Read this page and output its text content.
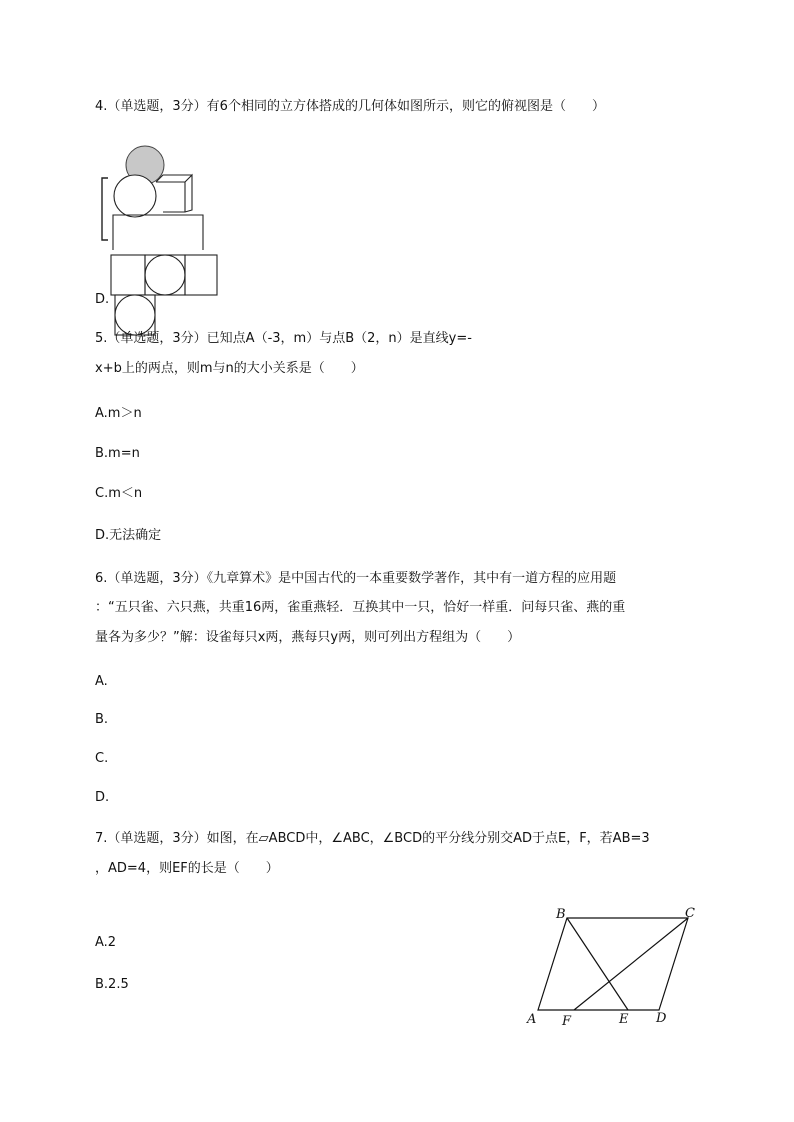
4.（单选题，3分）有6个相同的立方体搭成的几何体如图所示，则它的俯视图是（　　）
D.
5.（单选题，3分）已知点A（-3，m）与点B（2，n）是直线y=-
x+b上的两点，则m与n的大小关系是（　　）
A.m＞n
B.m=n
C.m＜n
D.无法确定
6.（单选题，3分）《九章算术》是中国古代的一本重要数学著作，其中有一道方程的应用题
：“五只雀、六只燕，共重16两，雀重燕轻．互换其中一只，恰好一样重．问每只雀、燕的重
量各为多少？”解：设雀每只x两，燕每只y两，则可列出方程组为（　　）
A.
B.
C.
D.
7.（单选题，3分）如图，在▱ABCD中，∠ABC，∠BCD的平分线分别交AD于点E，F，若AB=3
，AD=4，则EF的长是（　　）
A.2
B.2.5
B	C
A F	E D
